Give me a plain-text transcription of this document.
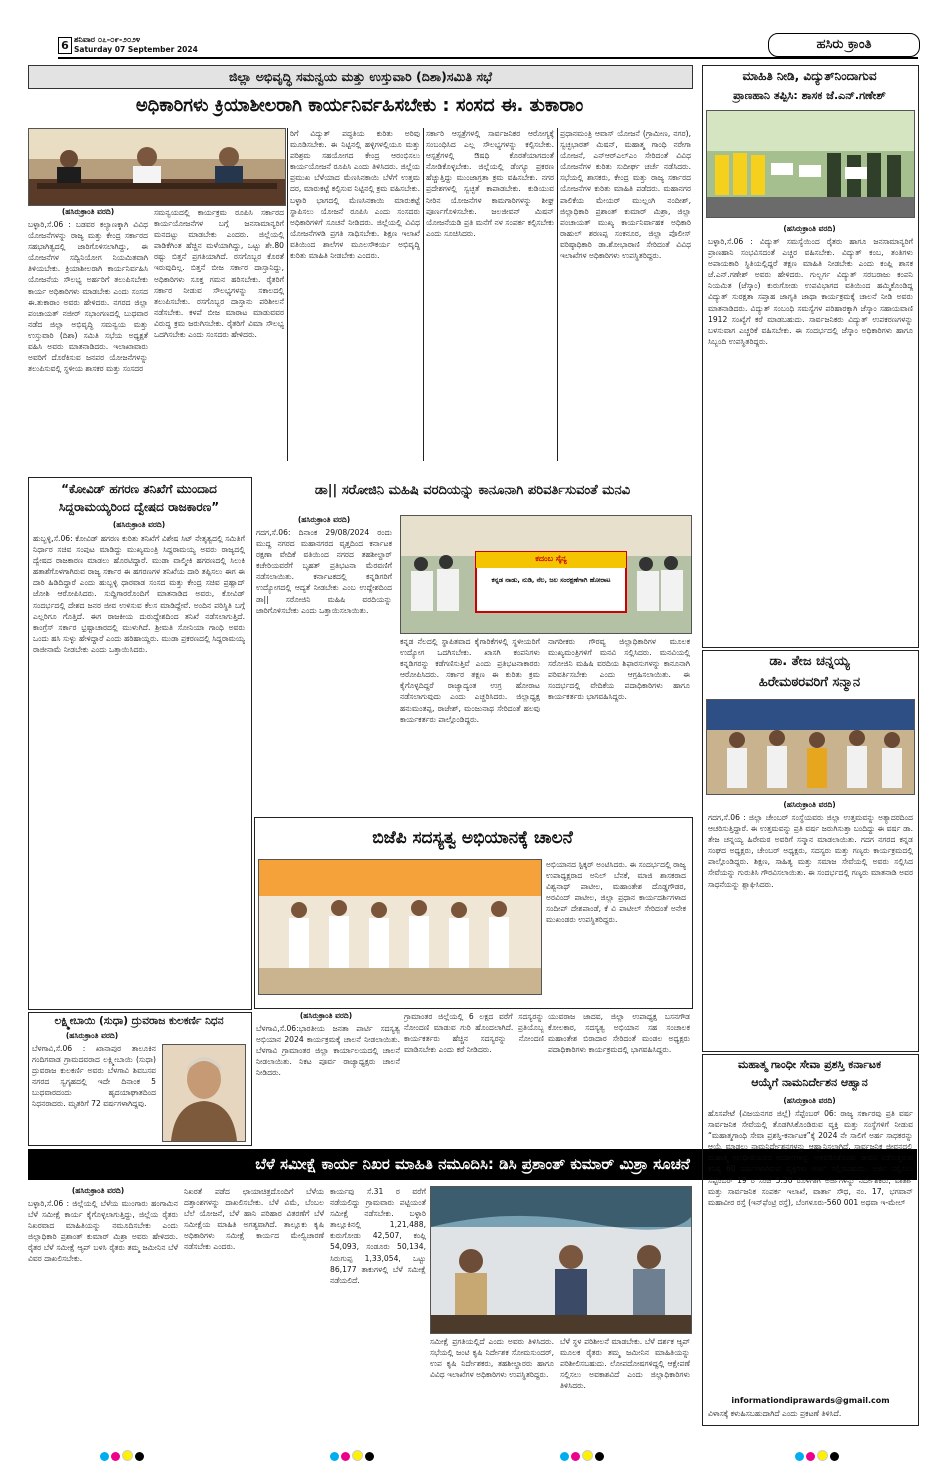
6 ಶನಿವಾರ ೦೭-೦೯-೨೦೨೪
Saturday 07 September 2024	ಹಸಿರು ಕ್ರಾಂತಿ
ಜಿಲ್ಲಾ ಅಭಿವೃದ್ಧಿ ಸಮನ್ವಯ ಮತ್ತು ಉಸ್ತುವಾರಿ (ದಿಶಾ)ಸಮಿತಿ ಸಭೆ
ಅಧಿಕಾರಿಗಳು ಕ್ರಿಯಾಶೀಲರಾಗಿ ಕಾರ್ಯನಿರ್ವಹಿಸಬೇಕು : ಸಂಸದ ಈ. ತುಕಾರಾಂ
(ಹಸಿರುಕ್ರಾಂತಿ ವರದಿ)
ಬಳ್ಳಾರಿ,ಸೆ.06 : ಬಡವರ ಕಲ್ಯಾಣಕ್ಕಾಗಿ ವಿವಿಧ ಯೋಜನೆಗಳನ್ನು ರಾಜ್ಯ ಮತ್ತು ಕೇಂದ್ರ ಸರ್ಕಾರದ ಸಹಭಾಗಿತ್ವದಲ್ಲಿ ಜಾರಿಗೊಳಿಸಲಾಗಿದ್ದು, ಈ ಯೋಜನೆಗಳ ಸದ್ವಿನಿಯೋಗ ನಿಯಮಿತವಾಗಿ ತಿಳಿಯಬೇಕು. ಕ್ರಿಯಾಶೀಲರಾಗಿ ಕಾರ್ಯನಿರ್ವಹಿಸಿ ಯೋಜನೆಯ ಸೌಲಭ್ಯ ಅರ್ಹರಿಗೆ ತಲುಪಿಸಬೇಕು ಕಾರ್ಯ ಅಧಿಕಾರಿಗಳು ಮಾಡಬೇಕು ಎಂದು ಸಂಸದ ಈ.ತುಕಾರಾಂ ಅವರು ಹೇಳಿದರು. ನಗರದ ಜಿಲ್ಲಾ ಪಂಚಾಯತ್ ನಜೀರ್ ಸಭಾಂಗಣದಲ್ಲಿ ಬುಧವಾರ ನಡೆದ ಜಿಲ್ಲಾ ಅಭಿವೃದ್ಧಿ ಸಮನ್ವಯ ಮತ್ತು ಉಸ್ತುವಾರಿ (ದಿಶಾ) ಸಮಿತಿ ಸಭೆಯ ಅಧ್ಯಕ್ಷತೆ ವಹಿಸಿ ಅವರು ಮಾತನಾಡಿದರು. ಇಲಾಖಾವಾರು ಅವರಿಗೆ ದೊರೆಕಿಸುವ ಜನಪರ ಯೋಜನೆಗಳನ್ನು ತಲುಪಿಸುವಲ್ಲಿ ಸ್ಥಳೀಯ ಶಾಸಕರ ಮತ್ತು ಸಂಸದರ
ಸಮನ್ವಯದಲ್ಲಿ ಕಾರ್ಯಕ್ರಮ ರೂಪಿಸಿ ಸರ್ಕಾರದ ಕಾರ್ಯಯೋಜನೆಗಳ ಬಗ್ಗೆ ಜನಸಾಮಾನ್ಯರಿಗೆ ಮನದಟ್ಟು ಮಾಡಬೇಕು ಎಂದರು. ಜಿಲ್ಲೆಯಲ್ಲಿ ಪಾಡಿಕೆಗಿಂತ ಹೆಚ್ಚಿನ ಮಳೆಯಾಗಿದ್ದು, ಒಟ್ಟು ಶೇ.80 ರಷ್ಟು ಬಿತ್ತನೆ ಪ್ರಗತಿಯಾಗಿದೆ. ರಸಗೊಬ್ಬರ ಕೊರತೆ ಇರುವುದಿಲ್ಲ. ಬಿತ್ತನೆ ಬೀಜ ಸರ್ಕಾರ ದಾಸ್ತಾನಿದ್ದು, ಅಧಿಕಾರಿಗಳು ಸೂಕ್ತ ಗಮನ ಹರಿಸಬೇಕು. ರೈತರಿಗೆ ಸರ್ಕಾರ ನೀಡುವ ಸೌಲಭ್ಯಗಳನ್ನು ಸಕಾಲದಲ್ಲಿ ತಲುಪಿಸಬೇಕು. ರಸಗೊಬ್ಬರ ದಾಸ್ತಾನು ಪರಿಶೀಲನೆ ನಡೆಸಬೇಕು. ಕಳಪೆ ಬೀಜ ಮಾರಾಟ ಮಾಡುವವರ ವಿರುದ್ಧ ಕ್ರಮ ಜರುಗಿಸಬೇಕು. ರೈತರಿಗೆ ವಿಮಾ ಸೌಲಭ್ಯ ಒದಗಿಸಬೇಕು ಎಂದು ಸಂಸದರು ಹೇಳಿದರು.
ರಿಗೆ ವಿದ್ಯುತ್ ಪದ್ಧತಿಯ ಕುರಿತು ಅರಿವು ಮೂಡಿಸಬೇಕು. ಈ ನಿಟ್ಟಿನಲ್ಲಿ ಹಳ್ಳಿಗಳಲ್ಲಿಯೂ ಮತ್ತು ಪರಿಶ್ರಮ ಸಹಯೋಗದ ಕೇಂದ್ರ ಆರಂಭಿಸಲು ಕಾರ್ಯಯೋಜನೆ ರೂಪಿಸಿ ಎಂದು ತಿಳಿಸಿದರು. ಜಿಲ್ಲೆಯ ಪ್ರಮುಖ ಬೆಳೆಯಾದ ಮೆಣಸಿನಕಾಯಿ ಬೆಳೆಗೆ ಉತ್ತಮ ದರ, ಮಾರುಕಟ್ಟೆ ಕಲ್ಪಿಸುವ ನಿಟ್ಟಿನಲ್ಲಿ ಕ್ರಮ ವಹಿಸಬೇಕು. ಬಳ್ಳಾರಿ ಭಾಗದಲ್ಲಿ ಮೆಣಸಿನಕಾಯಿ ಮಾರುಕಟ್ಟೆ ಸ್ಥಾಪಿಸಲು ಯೋಜನೆ ರೂಪಿಸಿ ಎಂದು ಸಂಸದರು ಅಧಿಕಾರಿಗಳಿಗೆ ಸೂಚನೆ ನೀಡಿದರು. ಜಿಲ್ಲೆಯಲ್ಲಿ ವಿವಿಧ ಯೋಜನೆಗಳಡಿ ಪ್ರಗತಿ ಸಾಧಿಸಬೇಕು. ಶಿಕ್ಷಣ ಇಲಾಖೆ ವತಿಯಿಂದ ಶಾಲೆಗಳ ಮೂಲಸೌಕರ್ಯ ಅಭಿವೃದ್ಧಿ ಕುರಿತು ಮಾಹಿತಿ ನೀಡಬೇಕು ಎಂದರು.
ಸರ್ಕಾರಿ ಆಸ್ಪತ್ರೆಗಳಲ್ಲಿ ಸಾರ್ವಜನಿಕರ ಆರೋಗ್ಯಕ್ಕೆ ಸಂಬಂಧಿಸಿದ ಎಲ್ಲ ಸೌಲಭ್ಯಗಳನ್ನು ಕಲ್ಪಿಸಬೇಕು. ಆಸ್ಪತ್ರೆಗಳಲ್ಲಿ ಔಷಧಿ ಕೊರತೆಯಾಗದಂತೆ ನೋಡಿಕೊಳ್ಳಬೇಕು. ಜಿಲ್ಲೆಯಲ್ಲಿ ಡೆಂಗ್ಯೂ ಪ್ರಕರಣ ಹೆಚ್ಚುತ್ತಿದ್ದು ಮುಂಜಾಗ್ರತಾ ಕ್ರಮ ವಹಿಸಬೇಕು. ನಗರ ಪ್ರದೇಶಗಳಲ್ಲಿ ಸ್ವಚ್ಛತೆ ಕಾಪಾಡಬೇಕು. ಕುಡಿಯುವ ನೀರಿನ ಯೋಜನೆಗಳ ಕಾಮಗಾರಿಗಳನ್ನು ಶೀಘ್ರ ಪೂರ್ಣಗೊಳಿಸಬೇಕು. ಜಲಜೀವನ್ ಮಿಷನ್ ಯೋಜನೆಯಡಿ ಪ್ರತಿ ಮನೆಗೆ ನಳ ಸಂಪರ್ಕ ಕಲ್ಪಿಸಬೇಕು ಎಂದು ಸೂಚಿಸಿದರು.
ಪ್ರಧಾನಮಂತ್ರಿ ಆವಾಸ್ ಯೋಜನೆ (ಗ್ರಾಮೀಣ, ನಗರ), ಸ್ವಚ್ಛಭಾರತ್ ಮಿಷನ್, ಮಹಾತ್ಮ ಗಾಂಧಿ ನರೇಗಾ ಯೋಜನೆ, ಎನ್‌ಆರ್‌ಎಲ್‌ಎಂ ಸೇರಿದಂತೆ ವಿವಿಧ ಯೋಜನೆಗಳ ಕುರಿತು ಸುದೀರ್ಘ ಚರ್ಚೆ ನಡೆಸಿದರು. ಸಭೆಯಲ್ಲಿ ಶಾಸಕರು, ಕೇಂದ್ರ ಮತ್ತು ರಾಜ್ಯ ಸರ್ಕಾರದ ಯೋಜನೆಗಳ ಕುರಿತು ಮಾಹಿತಿ ಪಡೆದರು. ಮಹಾನಗರ ಪಾಲಿಕೆಯ ಮೇಯರ್ ಮುಲ್ಲಂಗಿ ನಂದೀಶ್, ಜಿಲ್ಲಾಧಿಕಾರಿ ಪ್ರಶಾಂತ್ ಕುಮಾರ್ ಮಿಶ್ರಾ, ಜಿಲ್ಲಾ ಪಂಚಾಯತ್ ಮುಖ್ಯ ಕಾರ್ಯನಿರ್ವಾಹಕ ಅಧಿಕಾರಿ ರಾಹುಲ್ ಶರಣಪ್ಪ ಸಂಕನೂರ, ಜಿಲ್ಲಾ ಪೊಲೀಸ್ ವರಿಷ್ಠಾಧಿಕಾರಿ ಡಾ.ಶೋಭಾರಾಣಿ ಸೇರಿದಂತೆ ವಿವಿಧ ಇಲಾಖೆಗಳ ಅಧಿಕಾರಿಗಳು ಉಪಸ್ಥಿತರಿದ್ದರು.
“ಕೋವಿಡ್ ಹಗರಣ ತನಿಖೆಗೆ ಮುಂದಾದ
ಸಿದ್ದರಾಮಯ್ಯರಿಂದ ದ್ವೇಷದ ರಾಜಕಾರಣ”
(ಹಸಿರುಕ್ರಾಂತಿ ವರದಿ)
ಹುಬ್ಬಳ್ಳಿ,ಸೆ.06: ಕೋವಿಡ್ ಹಗರಣ ಕುರಿತು ತನಿಖೆಗೆ ವಿಶೇಷ ಸಿಟ್ ನೇತೃತ್ವದಲ್ಲಿ ಸಮಿತಿಗೆ ನಿರ್ಧಾರ ಸಚಿವ ಸಂಪುಟ ಮಾಡಿದ್ದು ಮುಖ್ಯಮಂತ್ರಿ ಸಿದ್ದರಾಮಯ್ಯ ಅವರು ರಾಜ್ಯದಲ್ಲಿ ದ್ವೇಷದ ರಾಜಕಾರಣ ಮಾಡಲು ಹೊರಟಿದ್ದಾರೆ. ಮುಡಾ ವಾಲ್ಮೀಕಿ ಹಗರಣದಲ್ಲಿ ಸಿಲುಕಿ ಹತಾಶೆಗೊಳಗಾಗಿರುವ ರಾಜ್ಯ ಸರ್ಕಾರ ಈ ಹಗರಣಗಳ ತನಿಖೆಯ ದಾರಿ ತಪ್ಪಿಸಲು ಈಗ ಈ ದಾರಿ ಹಿಡಿದಿದ್ದಾರೆ ಎಂದು ಹುಬ್ಬಳ್ಳಿ ಧಾರವಾಡ ಸಂಸದ ಮತ್ತು ಕೇಂದ್ರ ಸಚಿವ ಪ್ರಹ್ಲಾದ್ ಜೋಶಿ ಆರೋಪಿಸಿದರು. ಸುದ್ದಿಗಾರರೊಂದಿಗೆ ಮಾತನಾಡಿದ ಅವರು, ಕೋವಿಡ್ ಸಂದರ್ಭದಲ್ಲಿ ದೇಶದ ಜನರ ಜೀವ ಉಳಿಸುವ ಕೆಲಸ ಮಾಡಿದ್ದೇವೆ. ಅಂದಿನ ಪರಿಸ್ಥಿತಿ ಬಗ್ಗೆ ಎಲ್ಲರಿಗೂ ಗೊತ್ತಿದೆ. ಈಗ ರಾಜಕೀಯ ದುರುದ್ದೇಶದಿಂದ ತನಿಖೆ ನಡೆಸಲಾಗುತ್ತಿದೆ. ಕಾಂಗ್ರೆಸ್ ಸರ್ಕಾರ ಭ್ರಷ್ಟಾಚಾರದಲ್ಲಿ ಮುಳುಗಿದೆ. ಶ್ರೀಮತಿ ಸೋನಿಯಾ ಗಾಂಧಿ ಅವರು ಒಂದು ಹಸಿ ಸುಳ್ಳು ಹೇಳಿದ್ದಾರೆ ಎಂದು ಹರಿಹಾಯ್ದರು. ಮುಡಾ ಪ್ರಕರಣದಲ್ಲಿ ಸಿದ್ದರಾಮಯ್ಯ ರಾಜೀನಾಮೆ ನೀಡಬೇಕು ಎಂದು ಒತ್ತಾಯಿಸಿದರು.
ಲಕ್ಷ್ಮೀಬಾಯಿ (ಸುಧಾ) ದ್ರುವರಾಜ ಕುಲಕರ್ಣಿ ನಿಧನ
(ಹಸಿರುಕ್ರಾಂತಿ ವರದಿ)
ಬೆಳಗಾವಿ,ಸೆ.06 : ಖಾನಾಪುರ ತಾಲೂಕಿನ ಗಂದಿಗವಾಡ ಗ್ರಾಮದವರಾದ ಲಕ್ಷ್ಮೀಬಾಯಿ (ಸುಧಾ) ದ್ರುವರಾಜ ಕುಲಕರ್ಣಿ ಅವರು ಬೆಳಗಾವಿ ಶಿವಬಸವ ನಗರದ ಸ್ವಗೃಹದಲ್ಲಿ ಇದೇ ದಿನಾಂಕ 5 ಬುಧವಾರದಂದು ಹೃದಯಾಘಾತದಿಂದ ನಿಧನರಾದರು. ಮೃತರಿಗೆ 72 ವರ್ಷಗಳಾಗಿದ್ದವು.
ಡಾ|| ಸರೋಜಿನಿ ಮಹಿಷಿ ವರದಿಯನ್ನು ಕಾನೂನಾಗಿ ಪರಿವರ್ತಿಸುವಂತೆ ಮನವಿ
(ಹಸಿರುಕ್ರಾಂತಿ ವರದಿ)
ಗದಗ,ಸೆ.06: ದಿನಾಂಕ 29/08/2024 ರಂದು ಮುದ್ದ ನಗರದ ಮಹಾನಗರದ ವೃತ್ತದಿಂದ ಕರ್ನಾಟಕ ರಕ್ಷಣಾ ವೇದಿಕೆ ವತಿಯಿಂದ ನಗರದ ತಹಶೀಲ್ದಾರ್ ಕಚೇರಿಯವರೆಗೆ ಬೃಹತ್ ಪ್ರತಿಭಟನಾ ಮೆರವಣಿಗೆ ನಡೆಸಲಾಯಿತು. ಕರ್ನಾಟಕದಲ್ಲಿ ಕನ್ನಡಿಗರಿಗೆ ಉದ್ಯೋಗದಲ್ಲಿ ಆದ್ಯತೆ ನೀಡಬೇಕು ಎಂಬ ಉದ್ದೇಶದಿಂದ ಡಾ|| ಸರೋಜಿನಿ ಮಹಿಷಿ ವರದಿಯನ್ನು ಜಾರಿಗೊಳಿಸಬೇಕು ಎಂದು ಒತ್ತಾಯಿಸಲಾಯಿತು.
ಕದಂಬ ಸೈನ್ಯ
ಕನ್ನಡ ನಾಡು, ನುಡಿ, ನೆಲ, ಜಲ ಸಂರಕ್ಷಣೆಗಾಗಿ ಹೋರಾಟ
ಕನ್ನಡ ನೆಲದಲ್ಲಿ ಸ್ಥಾಪಿತವಾದ ಕೈಗಾರಿಕೆಗಳಲ್ಲಿ ಸ್ಥಳೀಯರಿಗೆ ಉದ್ಯೋಗ ಒದಗಿಸಬೇಕು. ಖಾಸಗಿ ಕಂಪನಿಗಳು ಕನ್ನಡಿಗರನ್ನು ಕಡೆಗಣಿಸುತ್ತಿವೆ ಎಂದು ಪ್ರತಿಭಟನಾಕಾರರು ಆರೋಪಿಸಿದರು. ಸರ್ಕಾರ ತಕ್ಷಣ ಈ ಕುರಿತು ಕ್ರಮ ಕೈಗೊಳ್ಳದಿದ್ದರೆ ರಾಜ್ಯಾದ್ಯಂತ ಉಗ್ರ ಹೋರಾಟ ನಡೆಸಲಾಗುವುದು ಎಂದು ಎಚ್ಚರಿಸಿದರು. ಜಿಲ್ಲಾಧ್ಯಕ್ಷ ಹನುಮಂತಪ್ಪ, ರಾಜೇಶ್, ಮಂಜುನಾಥ ಸೇರಿದಂತೆ ಹಲವು ಕಾರ್ಯಕರ್ತರು ಪಾಲ್ಗೊಂಡಿದ್ದರು.
ನಾಗರೀಕರು ಗೌರವ್ಯ ಜಿಲ್ಲಾಧಿಕಾರಿಗಳ ಮೂಲಕ ಮುಖ್ಯಮಂತ್ರಿಗಳಿಗೆ ಮನವಿ ಸಲ್ಲಿಸಿದರು. ಮನವಿಯಲ್ಲಿ ಸರೋಜಿನಿ ಮಹಿಷಿ ವರದಿಯ ಶಿಫಾರಸುಗಳನ್ನು ಕಾನೂನಾಗಿ ಪರಿವರ್ತಿಸಬೇಕು ಎಂದು ಆಗ್ರಹಿಸಲಾಯಿತು. ಈ ಸಂದರ್ಭದಲ್ಲಿ ವೇದಿಕೆಯ ಪದಾಧಿಕಾರಿಗಳು ಹಾಗೂ ಕಾರ್ಯಕರ್ತರು ಭಾಗವಹಿಸಿದ್ದರು.
ಬಿಜೆಪಿ ಸದಸ್ಯತ್ವ ಅಭಿಯಾನಕ್ಕೆ ಚಾಲನೆ
ಅಭಿಯಾನದ ಸ್ಟಿಕ್ಕರ್ ಅಂಟಿಸಿದರು. ಈ ಸಂದರ್ಭದಲ್ಲಿ ರಾಜ್ಯ ಉಪಾಧ್ಯಕ್ಷರಾದ ಅನಿಲ್ ಬೆನಕೆ, ಮಾಜಿ ಶಾಸಕರಾದ ವಿಶ್ವನಾಥ್ ಪಾಟೀಲ, ಮಹಾಂತೇಶ ದೊಡ್ಡಗೌಡರ, ಅರವಿಂದ್ ಪಾಟೀಲ, ಜಿಲ್ಲಾ ಪ್ರಧಾನ ಕಾರ್ಯದರ್ಶಿಗಳಾದ ಸಂದೀಪ್ ದೇಶಪಾಂಡೆ, ಕೆ ವಿ ಪಾಟೀಲ್ ಸೇರಿದಂತೆ ಅನೇಕ ಮುಖಂಡರು ಉಪಸ್ಥಿತರಿದ್ದರು.
(ಹಸಿರುಕ್ರಾಂತಿ ವರದಿ)
ಬೆಳಗಾವಿ,ಸೆ.06:ಭಾರತೀಯ ಜನತಾ ಪಾರ್ಟಿ ಸದಸ್ಯತ್ವ ಅಭಿಯಾನ 2024 ಕಾರ್ಯಕ್ರಮಕ್ಕೆ ಚಾಲನೆ ನೀಡಲಾಯಿತು. ಬೆಳಗಾವಿ ಗ್ರಾಮಾಂತರ ಜಿಲ್ಲಾ ಕಾರ್ಯಾಲಯದಲ್ಲಿ ಚಾಲನೆ ನೀಡಲಾಯಿತು. ನಿಕಟ ಪೂರ್ವ ರಾಜ್ಯಾಧ್ಯಕ್ಷರು ಚಾಲನೆ ನೀಡಿದರು.
ಗ್ರಾಮಾಂತರ ಜಿಲ್ಲೆಯಲ್ಲಿ 6 ಲಕ್ಷದ ವರೆಗೆ ಸದಸ್ಯರನ್ನು ನೋಂದಣಿ ಮಾಡುವ ಗುರಿ ಹೊಂದಲಾಗಿದೆ. ಪ್ರತಿಯೊಬ್ಬ ಕಾರ್ಯಕರ್ತರು ಹೆಚ್ಚಿನ ಸದಸ್ಯರನ್ನು ನೋಂದಣಿ ಮಾಡಿಸಬೇಕು ಎಂದು ಕರೆ ನೀಡಿದರು.
ಯುವರಾಜ ಜಾದವ, ಜಿಲ್ಲಾ ಉಪಾಧ್ಯಕ್ಷ ಬಸನಗೌಡ ಕೋಲಕಾರ, ಸದಸ್ಯತ್ವ ಅಭಿಯಾನ ಸಹ ಸಂಚಾಲಕ ಮಹಾಂತೇಶ ಬಿರಾದಾರ ಸೇರಿದಂತೆ ಮಂಡಲ ಅಧ್ಯಕ್ಷರು ಪದಾಧಿಕಾರಿಗಳು ಕಾರ್ಯಕ್ರಮದಲ್ಲಿ ಭಾಗವಹಿಸಿದ್ದರು.
ಬೆಳೆ ಸಮೀಕ್ಷೆ ಕಾರ್ಯ ನಿಖರ ಮಾಹಿತಿ ನಮೂದಿಸಿ: ಡಿಸಿ ಪ್ರಶಾಂತ್ ಕುಮಾರ್ ಮಿಶ್ರಾ ಸೂಚನೆ
(ಹಸಿರುಕ್ರಾಂತಿ ವರದಿ)
ಬಳ್ಳಾರಿ,ಸೆ.06 : ಜಿಲ್ಲೆಯಲ್ಲಿ ಬೆಳೆಯ ಮುಂಗಾರು ಹಂಗಾಮಿನ ಬೆಳೆ ಸಮೀಕ್ಷೆ ಕಾರ್ಯ ಕೈಗೊಳ್ಳಲಾಗುತ್ತಿದ್ದು, ಜಿಲ್ಲೆಯ ರೈತರು ನಿಖರವಾದ ಮಾಹಿತಿಯನ್ನು ನಮೂದಿಸಬೇಕು ಎಂದು ಜಿಲ್ಲಾಧಿಕಾರಿ ಪ್ರಶಾಂತ್ ಕುಮಾರ್ ಮಿಶ್ರಾ ಅವರು ಹೇಳಿದರು. ರೈತರ ಬೆಳೆ ಸಮೀಕ್ಷೆ ಆ್ಯಪ್ ಬಳಸಿ ರೈತರು ತಮ್ಮ ಜಮೀನಿನ ಬೆಳೆ ವಿವರ ದಾಖಲಿಸಬೇಕು.
ನಿಖರತೆ ಪಡೆದ ಛಾಯಾಚಿತ್ರದೊಂದಿಗೆ ಬೆಳೆಯ ದತ್ತಾಂಶಗಳನ್ನು ದಾಖಲಿಸಬೇಕು. ಬೆಳೆ ವಿಮೆ, ಬೆಂಬಲ ಬೆಲೆ ಯೋಜನೆ, ಬೆಳೆ ಹಾನಿ ಪರಿಹಾರ ವಿತರಣೆಗೆ ಬೆಳೆ ಸಮೀಕ್ಷೆಯ ಮಾಹಿತಿ ಅಗತ್ಯವಾಗಿದೆ. ತಾಲ್ಲೂಕು ಕೃಷಿ ಅಧಿಕಾರಿಗಳು ಸಮೀಕ್ಷೆ ಕಾರ್ಯದ ಮೇಲ್ವಿಚಾರಣೆ ನಡೆಸಬೇಕು ಎಂದರು.
ಕಾರ್ಯವು ಸೆ.31 ರ ವರೆಗೆ ನಡೆಯಲಿದ್ದು ಗ್ರಾಮವಾರು ಪಟ್ಟಿಯಂತೆ ಸಮೀಕ್ಷೆ ನಡೆಸಬೇಕು. ಬಳ್ಳಾರಿ ತಾಲ್ಲೂಕಿನಲ್ಲಿ 1,21,488, ಕುರುಗೋಡು 42,507, ಕಂಪ್ಲಿ 54,093, ಸಂಡೂರು 50,134, ಸಿರುಗುಪ್ಪ 1,33,054, ಒಟ್ಟು 86,177 ತಾಕುಗಳಲ್ಲಿ ಬೆಳೆ ಸಮೀಕ್ಷೆ ನಡೆಯಲಿದೆ.
ಸಮೀಕ್ಷೆ ಪ್ರಗತಿಯಲ್ಲಿದೆ ಎಂದು ಅವರು ತಿಳಿಸಿದರು. ಸಭೆಯಲ್ಲಿ ಜಂಟಿ ಕೃಷಿ ನಿರ್ದೇಶಕ ಸೋಮಸುಂದರ್, ಉಪ ಕೃಷಿ ನಿರ್ದೇಶಕರು, ತಹಶೀಲ್ದಾರರು ಹಾಗೂ ವಿವಿಧ ಇಲಾಖೆಗಳ ಅಧಿಕಾರಿಗಳು ಉಪಸ್ಥಿತರಿದ್ದರು.
ಬೆಳೆ ಸ್ಥಳ ಪರಿಶೀಲನೆ ಮಾಡಬೇಕು. ಬೆಳೆ ದರ್ಶಕ ಆ್ಯಪ್ ಮೂಲಕ ರೈತರು ತಮ್ಮ ಜಮೀನಿನ ಮಾಹಿತಿಯನ್ನು ಪರಿಶೀಲಿಸಬಹುದು. ಲೋಪದೋಷಗಳಿದ್ದಲ್ಲಿ ಆಕ್ಷೇಪಣೆ ಸಲ್ಲಿಸಲು ಅವಕಾಶವಿದೆ ಎಂದು ಜಿಲ್ಲಾಧಿಕಾರಿಗಳು ತಿಳಿಸಿದರು.
ಮಾಹಿತಿ ನೀಡಿ, ವಿದ್ಯುತ್‌ನಿಂದಾಗುವ
ಪ್ರಾಣಹಾನಿ ತಪ್ಪಿಸಿ: ಶಾಸಕ ಜೆ.ಎನ್.ಗಣೇಶ್
(ಹಸಿರುಕ್ರಾಂತಿ ವರದಿ)
ಬಳ್ಳಾರಿ,ಸೆ.06 : ವಿದ್ಯುತ್ ಸಮಸ್ಯೆಯಿಂದ ರೈತರು ಹಾಗೂ ಜನಸಾಮಾನ್ಯರಿಗೆ ಪ್ರಾಣಹಾನಿ ಸಂಭವಿಸದಂತೆ ಎಚ್ಚರ ವಹಿಸಬೇಕು. ವಿದ್ಯುತ್ ಕಂಬ, ತಂತಿಗಳು ಅಪಾಯಕಾರಿ ಸ್ಥಿತಿಯಲ್ಲಿದ್ದರೆ ತಕ್ಷಣ ಮಾಹಿತಿ ನೀಡಬೇಕು ಎಂದು ಕಂಪ್ಲಿ ಶಾಸಕ ಜೆ.ಎನ್.ಗಣೇಶ್ ಅವರು ಹೇಳಿದರು. ಗುಲ್ಬರ್ಗ ವಿದ್ಯುತ್ ಸರಬರಾಜು ಕಂಪನಿ ನಿಯಮಿತ (ಜೆಸ್ಕಾಂ) ಕುರುಗೋಡು ಉಪವಿಭಾಗದ ವತಿಯಿಂದ ಹಮ್ಮಿಕೊಂಡಿದ್ದ ವಿದ್ಯುತ್ ಸುರಕ್ಷತಾ ಸಪ್ತಾಹ ಜಾಗೃತಿ ಜಾಥಾ ಕಾರ್ಯಕ್ರಮಕ್ಕೆ ಚಾಲನೆ ನೀಡಿ ಅವರು ಮಾತನಾಡಿದರು. ವಿದ್ಯುತ್ ಸಂಬಂಧಿ ಸಮಸ್ಯೆಗಳ ಪರಿಹಾರಕ್ಕಾಗಿ ಜೆಸ್ಕಾಂ ಸಹಾಯವಾಣಿ 1912 ಸಂಖ್ಯೆಗೆ ಕರೆ ಮಾಡಬಹುದು. ಸಾರ್ವಜನಿಕರು ವಿದ್ಯುತ್ ಉಪಕರಣಗಳನ್ನು ಬಳಸುವಾಗ ಎಚ್ಚರಿಕೆ ವಹಿಸಬೇಕು. ಈ ಸಂದರ್ಭದಲ್ಲಿ ಜೆಸ್ಕಾಂ ಅಧಿಕಾರಿಗಳು ಹಾಗೂ ಸಿಬ್ಬಂದಿ ಉಪಸ್ಥಿತರಿದ್ದರು.
ಡಾ. ತೇಜ ಚನ್ನಯ್ಯ
ಹಿರೇಮಠರವರಿಗೆ ಸನ್ಮಾನ
(ಹಸಿರುಕ್ರಾಂತಿ ವರದಿ)
ಗದಗ,ಸೆ.06 : ಜಿಲ್ಲಾ ಚೇಂಬರ್ ಸಂಸ್ಥೆಯವರು ಜಿಲ್ಲಾ ಉತ್ತಮವನ್ನು ಅತ್ಯಾದರದಿಂದ ಆಚರಿಸುತ್ತಿದ್ದಾರೆ. ಈ ಉತ್ತಮವನ್ನು ಪ್ರತಿ ವರ್ಷ ಜರುಗಿಸುತ್ತಾ ಬಂದಿದ್ದು ಈ ವರ್ಷ ಡಾ. ತೇಜ ಚನ್ನಯ್ಯ ಹಿರೇಮಠ ಅವರಿಗೆ ಸನ್ಮಾನ ಮಾಡಲಾಯಿತು. ಗದಗ ನಗರದ ಕನ್ನಡ ಸಂಘದ ಅಧ್ಯಕ್ಷರು, ಚೇಂಬರ್ ಅಧ್ಯಕ್ಷರು, ಸದಸ್ಯರು ಮತ್ತು ಗಣ್ಯರು ಕಾರ್ಯಕ್ರಮದಲ್ಲಿ ಪಾಲ್ಗೊಂಡಿದ್ದರು. ಶಿಕ್ಷಣ, ಸಾಹಿತ್ಯ ಮತ್ತು ಸಮಾಜ ಸೇವೆಯಲ್ಲಿ ಅವರು ಸಲ್ಲಿಸಿದ ಸೇವೆಯನ್ನು ಗುರುತಿಸಿ ಗೌರವಿಸಲಾಯಿತು. ಈ ಸಂದರ್ಭದಲ್ಲಿ ಗಣ್ಯರು ಮಾತನಾಡಿ ಅವರ ಸಾಧನೆಯನ್ನು ಶ್ಲಾಘಿಸಿದರು.
ಮಹಾತ್ಮ ಗಾಂಧೀ ಸೇವಾ ಪ್ರಶಸ್ತಿ ಕರ್ನಾಟಕ
ಆಯ್ಕೆಗೆ ನಾಮನಿರ್ದೇಶನ ಆಹ್ವಾನ
(ಹಸಿರುಕ್ರಾಂತಿ ವರದಿ)
ಹೊಸಪೇಟೆ (ವಿಜಯನಗರ ಜಿಲ್ಲೆ) ಸೆಪ್ಟೆಂಬರ್ 06: ರಾಜ್ಯ ಸರ್ಕಾರವು ಪ್ರತಿ ವರ್ಷ ಸಾರ್ವಜನಿಕ ಸೇವೆಯಲ್ಲಿ ತೊಡಗಿಸಿಕೊಂಡಿರುವ ವ್ಯಕ್ತಿ ಮತ್ತು ಸಂಸ್ಥೆಗಳಿಗೆ ನೀಡುವ “ಮಹಾತ್ಮಗಾಂಧಿ ಸೇವಾ ಪ್ರಶಸ್ತಿ-ಕರ್ನಾಟಕ”ಕ್ಕೆ 2024 ನೇ ಸಾಲಿಗೆ ಅರ್ಹ ಸಾಧಕರನ್ನು ಆಯ್ಕೆ ಮಾಡಲು ನಾಮನಿರ್ದೇಶನಗಳನ್ನು ಆಹ್ವಾನಿಸಲಾಗಿದೆ. ಸಾರ್ವಜನಿಕ ಜೀವನದಲ್ಲಿ ಮಹಾತ್ಮ ಗಾಂಧೀಜಿಯವರ ಆದರ್ಶಗಳನ್ನು ಅಳವಡಿಸಿಕೊಂಡು ಜೀವನ ನಡೆಸುತ್ತಿರುವ ಕನಿಷ್ಠ 60 ವರ್ಷಗಳಾಗಿರುವ ವ್ಯಕ್ತಿಗಳು ಅರ್ಜಿ ಸಲ್ಲಿಸಬಹುದು. ಅರ್ಜಿ ಸಲ್ಲಿಸಲು ಸೆಪ್ಟೆಂಬರ್ 19 ರ ಸಂಜೆ 5.30 ರೊಳಗಾಗಿ ಅರ್ಜಿಗಳನ್ನು ನಿರ್ದೇಶಕರು, ವಾರ್ತಾ ಮತ್ತು ಸಾರ್ವಜನಿಕ ಸಂಪರ್ಕ ಇಲಾಖೆ, ವಾರ್ತಾ ಸೌಧ, ನಂ. 17, ಭಗವಾನ್ ಮಹಾವೀರ ರಸ್ತೆ (ಇನ್‌ಫೆಂಟ್ರಿ ರಸ್ತೆ), ಬೆಂಗಳೂರು-560 001 ಅಥವಾ ಇ-ಮೇಲ್
informationdiprawards@gmail.com
ವಿಳಾಸಕ್ಕೆ ಕಳುಹಿಸಬಹುದಾಗಿದೆ ಎಂದು ಪ್ರಕಟಣೆ ತಿಳಿಸಿದೆ.
